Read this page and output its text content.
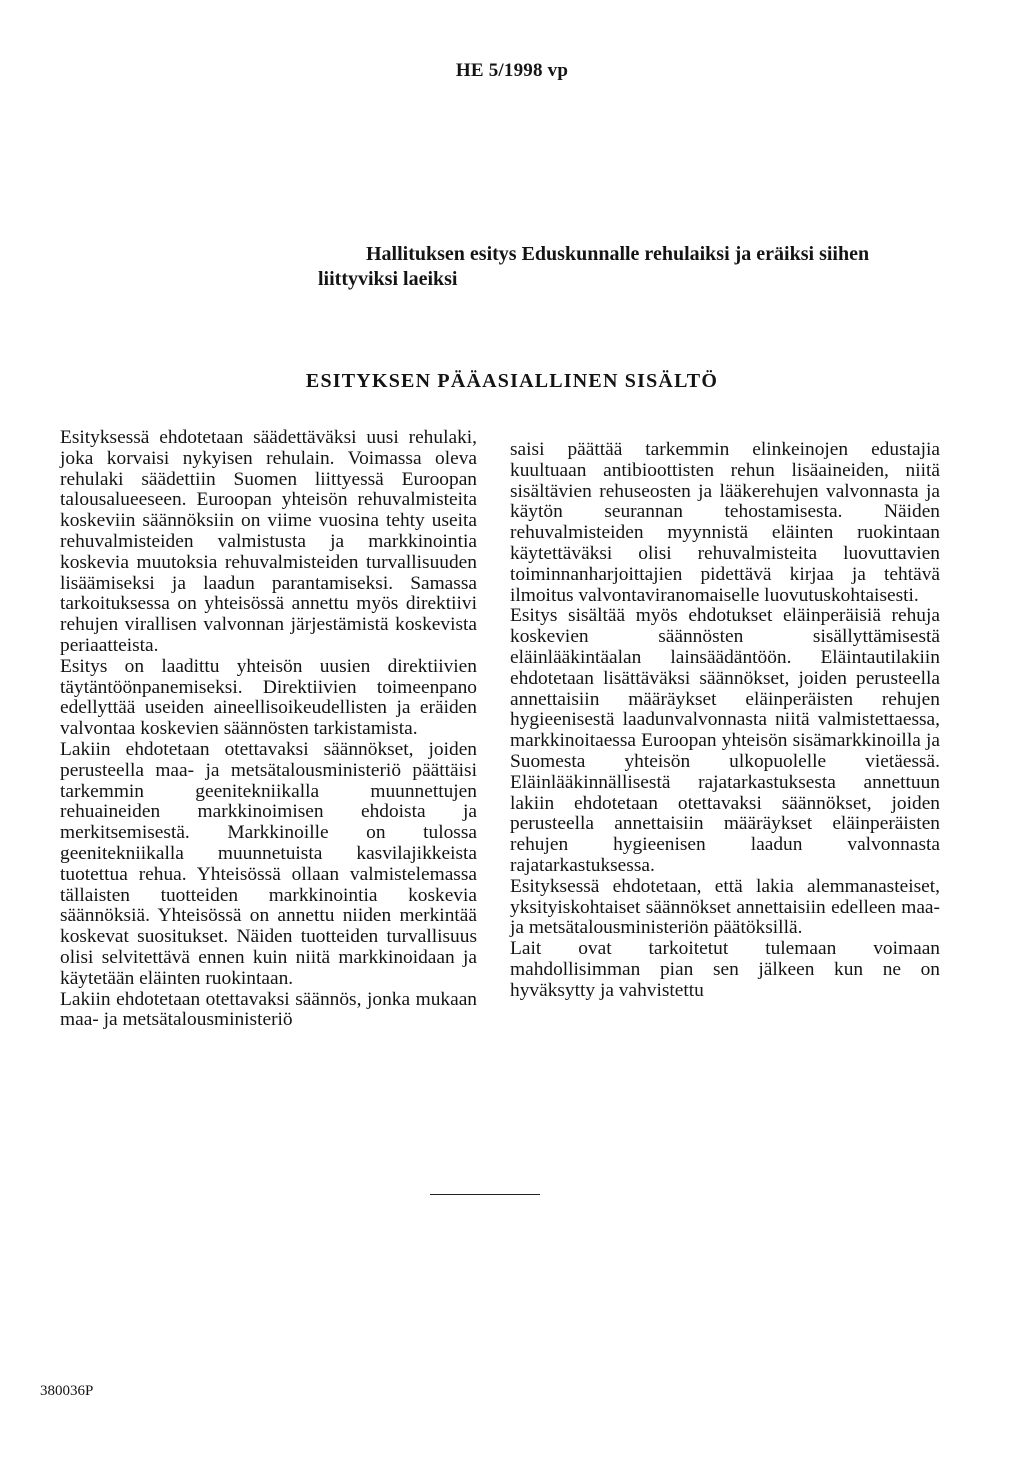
HE 5/1998 vp
Hallituksen esitys Eduskunnalle rehulaiksi ja eräiksi siihen
liittyviksi laeiksi
ESITYKSEN PÄÄASIALLINEN SISÄLTÖ

Esityksessä ehdotetaan säädettäväksi uusi rehulaki, joka korvaisi nykyisen rehulain. Voimassa oleva rehulaki säädettiin Suomen liittyessä Euroopan talousalueeseen. Euroopan yhteisön rehuvalmisteita koskeviin säännöksiin on viime vuosina tehty useita rehuvalmisteiden valmistusta ja markkinointia koskevia muutoksia rehuvalmisteiden turvallisuuden lisäämiseksi ja laadun parantamiseksi. Samassa tarkoituksessa on yhteisössä annettu myös direktiivi rehujen virallisen valvonnan järjestämistä koskevista periaatteista.

Esitys on laadittu yhteisön uusien direktiivien täytäntöönpanemiseksi. Direktiivien toimeenpano edellyttää useiden aineellisoikeudellisten ja eräiden valvontaa koskevien säännösten tarkistamista.

Lakiin ehdotetaan otettavaksi säännökset, joiden perusteella maa- ja metsätalousministeriö päättäisi tarkemmin geenitekniikalla muunnettujen rehuaineiden markkinoimisen ehdoista ja merkitsemisestä. Markkinoille on tulossa geenitekniikalla muunnetuista kasvilajikkeista tuotettua rehua. Yhteisössä ollaan valmistelemassa tällaisten tuotteiden markkinointia koskevia säännöksiä. Yhteisössä on annettu niiden merkintää koskevat suositukset. Näiden tuotteiden turvallisuus olisi selvitettävä ennen kuin niitä markkinoidaan ja käytetään eläinten ruokintaan.

Lakiin ehdotetaan otettavaksi säännös, jonka mukaan maa- ja metsätalousministeriö

saisi päättää tarkemmin elinkeinojen edustajia kuultuaan antibioottisten rehun lisäaineiden, niitä sisältävien rehuseosten ja lääkerehujen valvonnasta ja käytön seurannan tehostamisesta. Näiden rehuvalmisteiden myynnistä eläinten ruokintaan käytettäväksi olisi rehuvalmisteita luovuttavien toiminnanharjoittajien pidettävä kirjaa ja tehtävä ilmoitus valvontaviranomaiselle luovutuskohtaisesti.

Esitys sisältää myös ehdotukset eläinperäisiä rehuja koskevien säännösten sisällyttämisestä eläinlääkintäalan lainsäädäntöön. Eläintautilakiin ehdotetaan lisättäväksi säännökset, joiden perusteella annettaisiin määräykset eläinperäisten rehujen hygieenisestä laadunvalvonnasta niitä valmistettaessa, markkinoitaessa Euroopan yhteisön sisämarkkinoilla ja Suomesta yhteisön ulkopuolelle vietäessä. Eläinlääkinnällisestä rajatarkastuksesta annettuun lakiin ehdotetaan otettavaksi säännökset, joiden perusteella annettaisiin määräykset eläinperäisten rehujen hygieenisen laadun valvonnasta rajatarkastuksessa.

Esityksessä ehdotetaan, että lakia alemmanasteiset, yksityiskohtaiset säännökset annettaisiin edelleen maa- ja metsätalousministeriön päätöksillä.

Lait ovat tarkoitetut tulemaan voimaan mahdollisimman pian sen jälkeen kun ne on hyväksytty ja vahvistettu

380036P
